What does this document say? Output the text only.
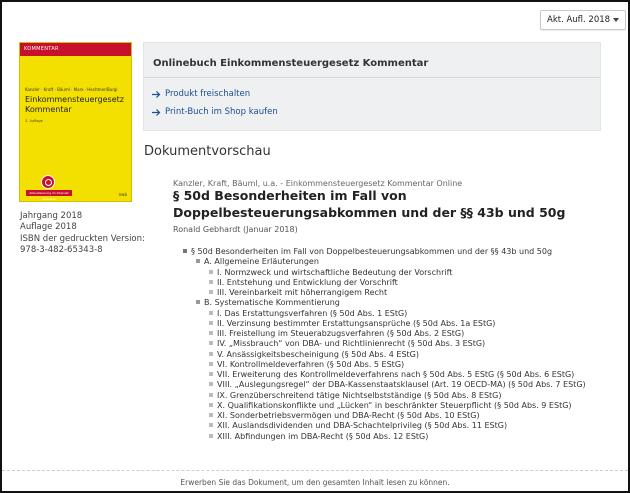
Akt. Aufl. 2018
KOMMENTAR
Kanzler · Kraft · Bäuml · Marx · Hechtner/Burgi
Einkommensteuergesetz Kommentar
3. Auflage
Aktualisierung im Internet inklusive
nwb
Jahrgang 2018
Auflage 2018
ISBN der gedruckten Version:
978-3-482-65343-8
Onlinebuch Einkommensteuergesetz Kommentar
Produkt freischalten
Print-Buch im Shop kaufen
Dokumentvorschau
Kanzler, Kraft, Bäuml, u.a. - Einkommensteuergesetz Kommentar Online
§ 50d Besonderheiten im Fall von Doppelbesteuerungsabkommen und der §§ 43b und 50g
Ronald Gebhardt (Januar 2018)
§ 50d Besonderheiten im Fall von Doppelbesteuerungsabkommen und der §§ 43b und 50g
A. Allgemeine Erläuterungen
I. Normzweck und wirtschaftliche Bedeutung der Vorschrift
II. Entstehung und Entwicklung der Vorschrift
III. Vereinbarkeit mit höherrangigem Recht
B. Systematische Kommentierung
I. Das Erstattungsverfahren (§ 50d Abs. 1 EStG)
II. Verzinsung bestimmter Erstattungsansprüche (§ 50d Abs. 1a EStG)
III. Freistellung im Steuerabzugsverfahren (§ 50d Abs. 2 EStG)
IV. „Missbrauch“ von DBA- und Richtlinienrecht (§ 50d Abs. 3 EStG)
V. Ansässigkeitsbescheinigung (§ 50d Abs. 4 EStG)
VI. Kontrollmeldeverfahren (§ 50d Abs. 5 EStG)
VII. Erweiterung des Kontrollmeldeverfahrens nach § 50d Abs. 5 EStG (§ 50d Abs. 6 EStG)
VIII. „Auslegungsregel“ der DBA-Kassenstaatsklausel (Art. 19 OECD-MA) (§ 50d Abs. 7 EStG)
IX. Grenzüberschreitend tätige Nichtselbstständige (§ 50d Abs. 8 EStG)
X. Qualifikationskonflikte und „Lücken“ in beschränkter Steuerpflicht (§ 50d Abs. 9 EStG)
XI. Sonderbetriebsvermögen und DBA-Recht (§ 50d Abs. 10 EStG)
XII. Auslandsdividenden und DBA-Schachtelprivileg (§ 50d Abs. 11 EStG)
XIII. Abfindungen im DBA-Recht (§ 50d Abs. 12 EStG)
Erwerben Sie das Dokument, um den gesamten Inhalt lesen zu können.
